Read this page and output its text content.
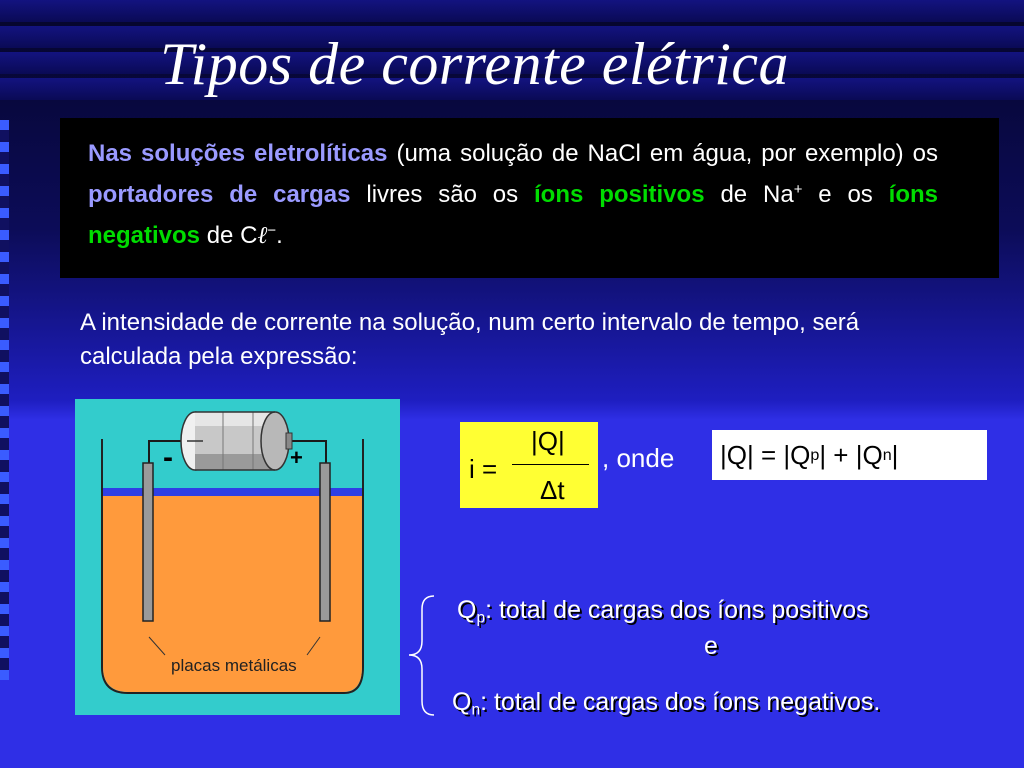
Tipos de corrente elétrica
Nas soluções eletrolíticas (uma solução de NaCl em água, por exemplo) os portadores de cargas livres são os íons positivos de Na+ e os íons negativos de Cℓ−.
A intensidade de corrente na solução, num certo intervalo de tempo, será calculada pela expressão:
-	+
placas metálicas
i =
|Q|
Δt
, onde |Q| = |Q p | + |Q n |
$Q_p$: total de cargas dos íons positivos
e
$Q_n$: total de cargas dos íons negativos.
